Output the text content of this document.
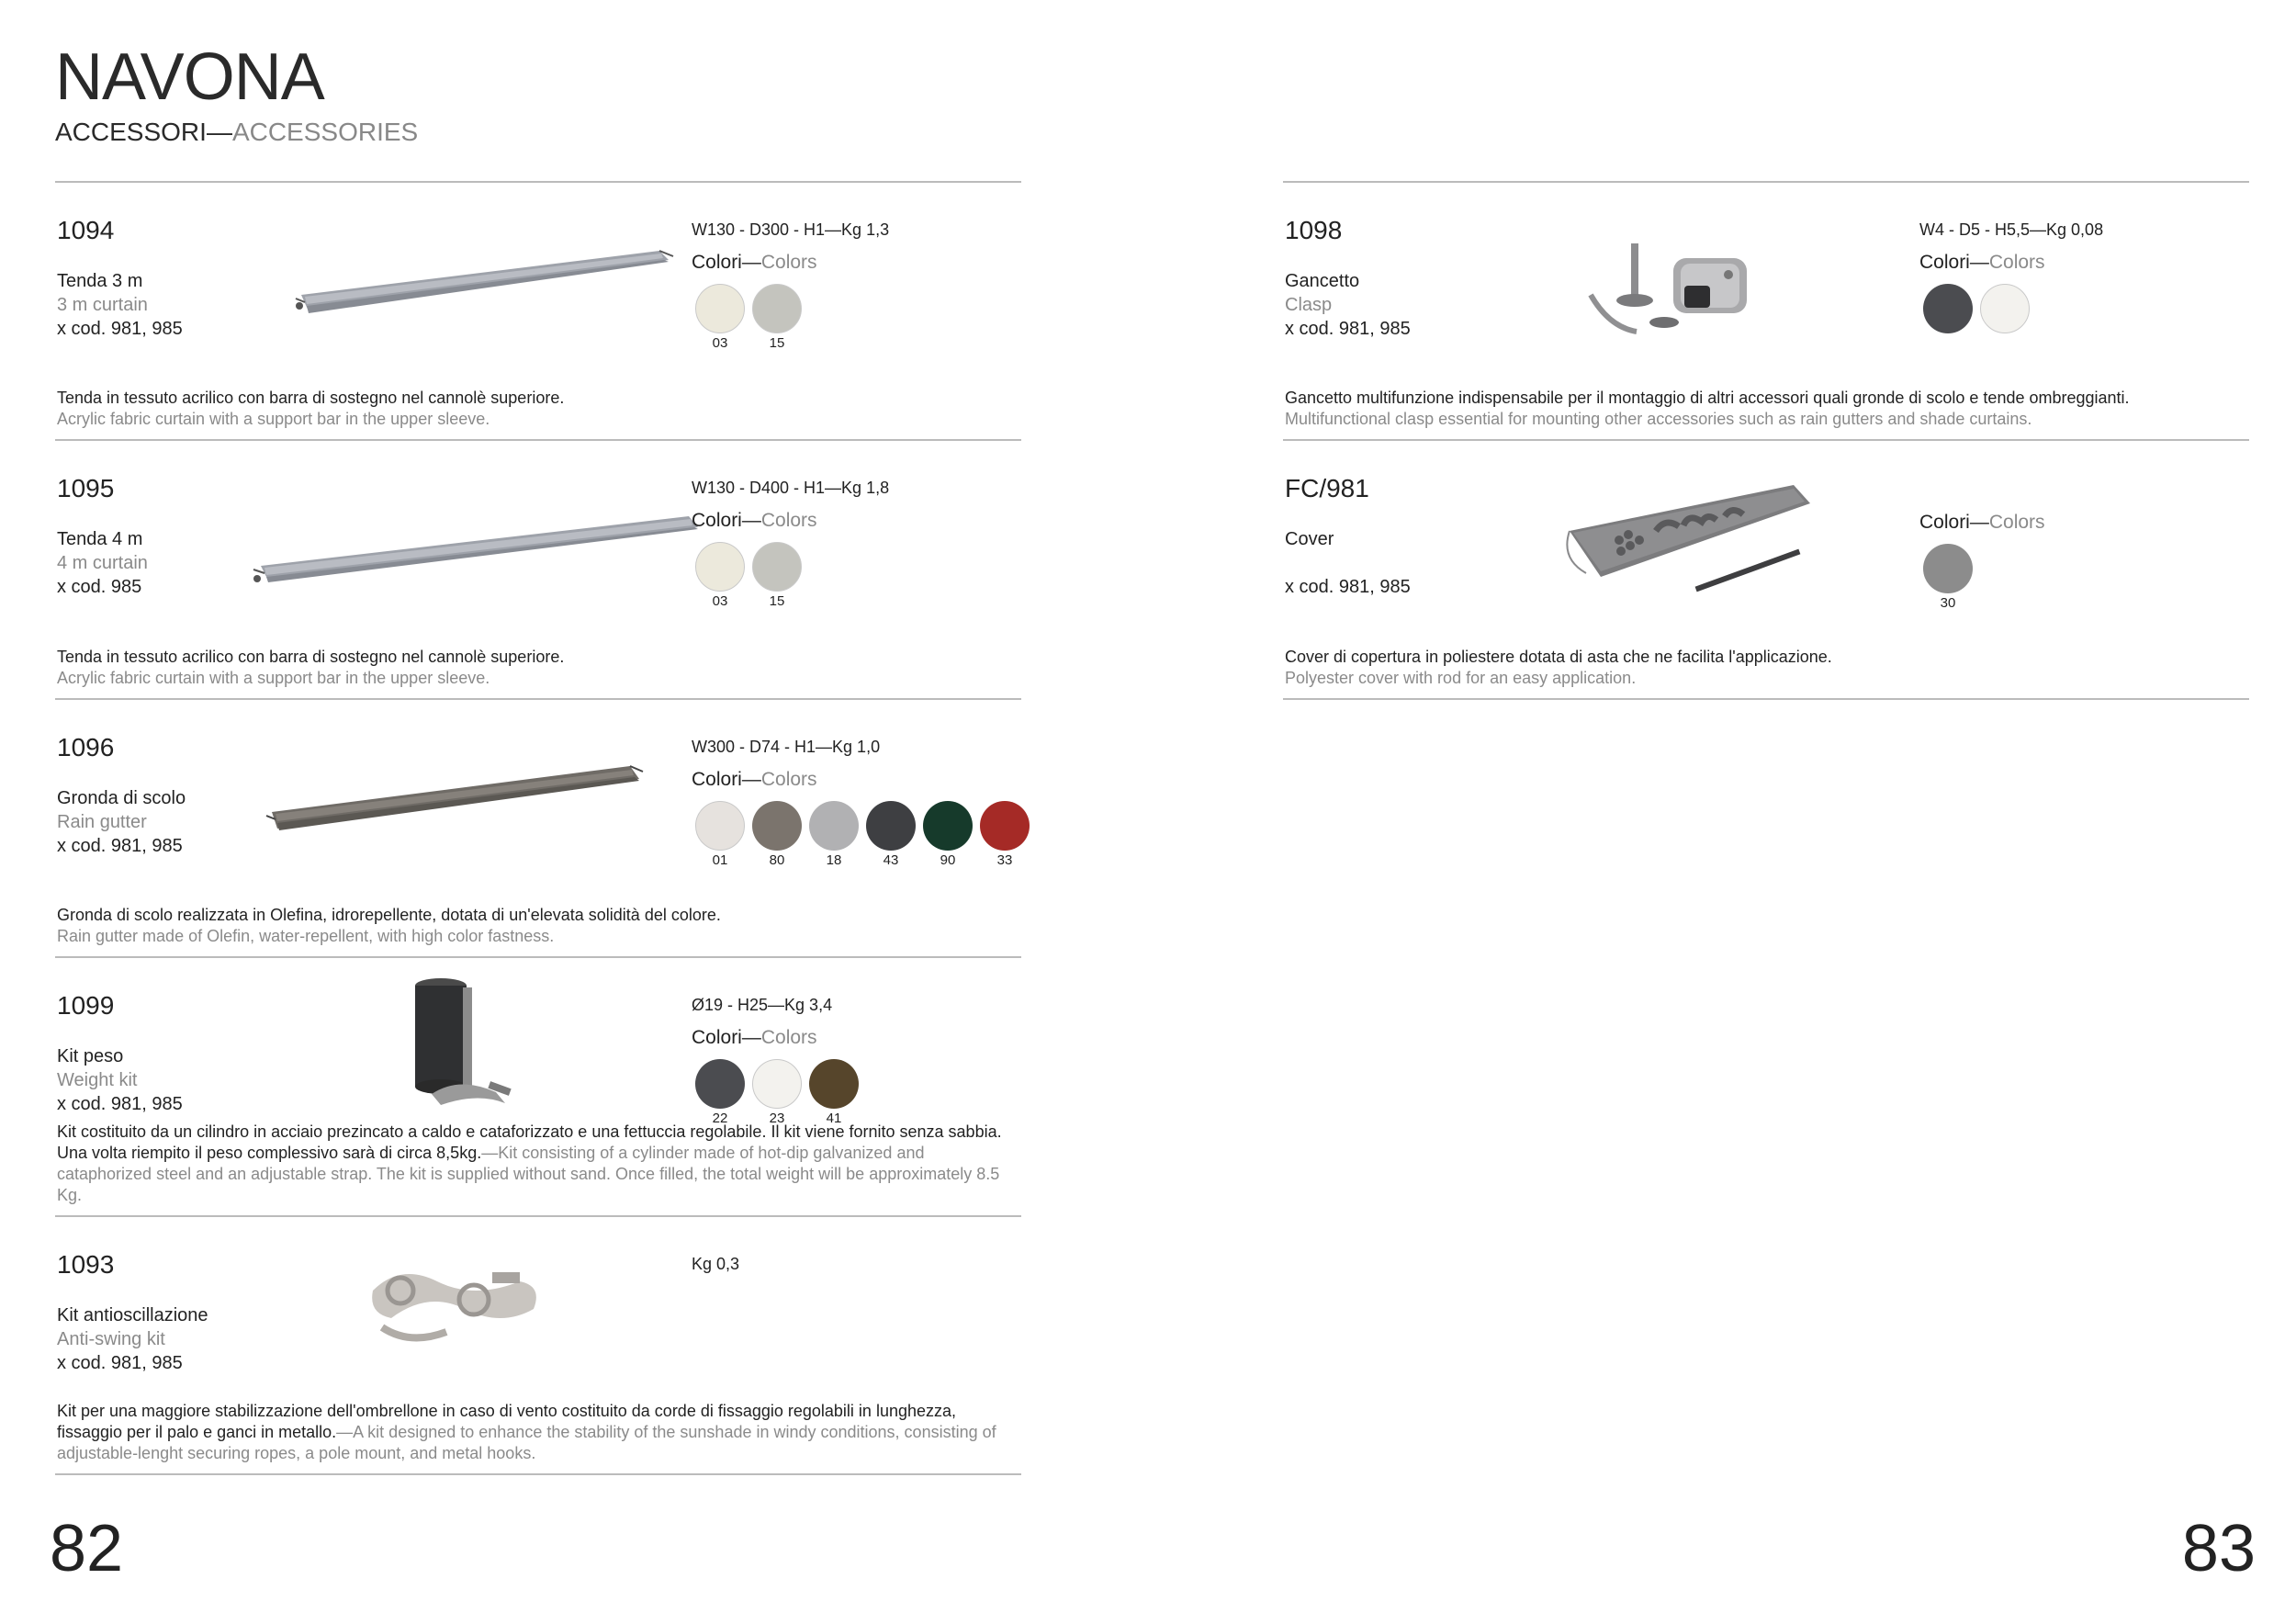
NAVONA
ACCESSORI—ACCESSORIES
1094
Tenda 3 m
3 m curtain
x cod. 981, 985
W130 - D300 - H1—Kg 1,3
Colori—Colors
03	15
Tenda in tessuto acrilico con barra di sostegno nel cannolè superiore.
Acrylic fabric curtain with a support bar in the upper sleeve.
1095
Tenda 4 m
4 m curtain
x cod. 985
W130 - D400 - H1—Kg 1,8
Colori—Colors
03	15
Tenda in tessuto acrilico con barra di sostegno nel cannolè superiore.
Acrylic fabric curtain with a support bar in the upper sleeve.
1096
Gronda di scolo
Rain gutter
x cod. 981, 985
W300 - D74 - H1—Kg 1,0
Colori—Colors
01	80	18	43	90	33
Gronda di scolo realizzata in Olefina, idrorepellente, dotata di un'elevata solidità del colore.
Rain gutter made of Olefin, water-repellent, with high color fastness.
1099
Kit peso
Weight kit
x cod. 981, 985
Ø19 - H25—Kg 3,4
Colori—Colors
22	23	41
Kit costituito da un cilindro in acciaio prezincato a caldo e cataforizzato e una fettuccia regolabile. Il kit viene fornito senza sabbia. Una volta riempito il peso complessivo sarà di circa 8,5kg.—Kit consisting of a cylinder made of hot-dip galvanized and cataphorized steel and an adjustable strap. The kit is supplied without sand. Once filled, the total weight will be approximately 8.5 Kg.
1093
Kit antioscillazione
Anti-swing kit
x cod. 981, 985
Kg 0,3
Kit per una maggiore stabilizzazione dell'ombrellone in caso di vento costituito da corde di fissaggio regolabili in lunghezza, fissaggio per il palo e ganci in metallo.—A kit designed to enhance the stability of the sunshade in windy conditions, consisting of adjustable-lenght securing ropes, a pole mount, and metal hooks.
1098
Gancetto
Clasp
x cod. 981, 985
W4 - D5 - H5,5—Kg 0,08
Colori—Colors
Gancetto multifunzione indispensabile per il montaggio di altri accessori quali gronde di scolo e tende ombreggianti.
Multifunctional clasp essential for mounting other accessories such as rain gutters and shade curtains.
FC/981
Cover

x cod. 981, 985
Colori—Colors
30
Cover di copertura in poliestere dotata di asta che ne facilita l'applicazione.
Polyester cover with rod for an easy application.
82	83
